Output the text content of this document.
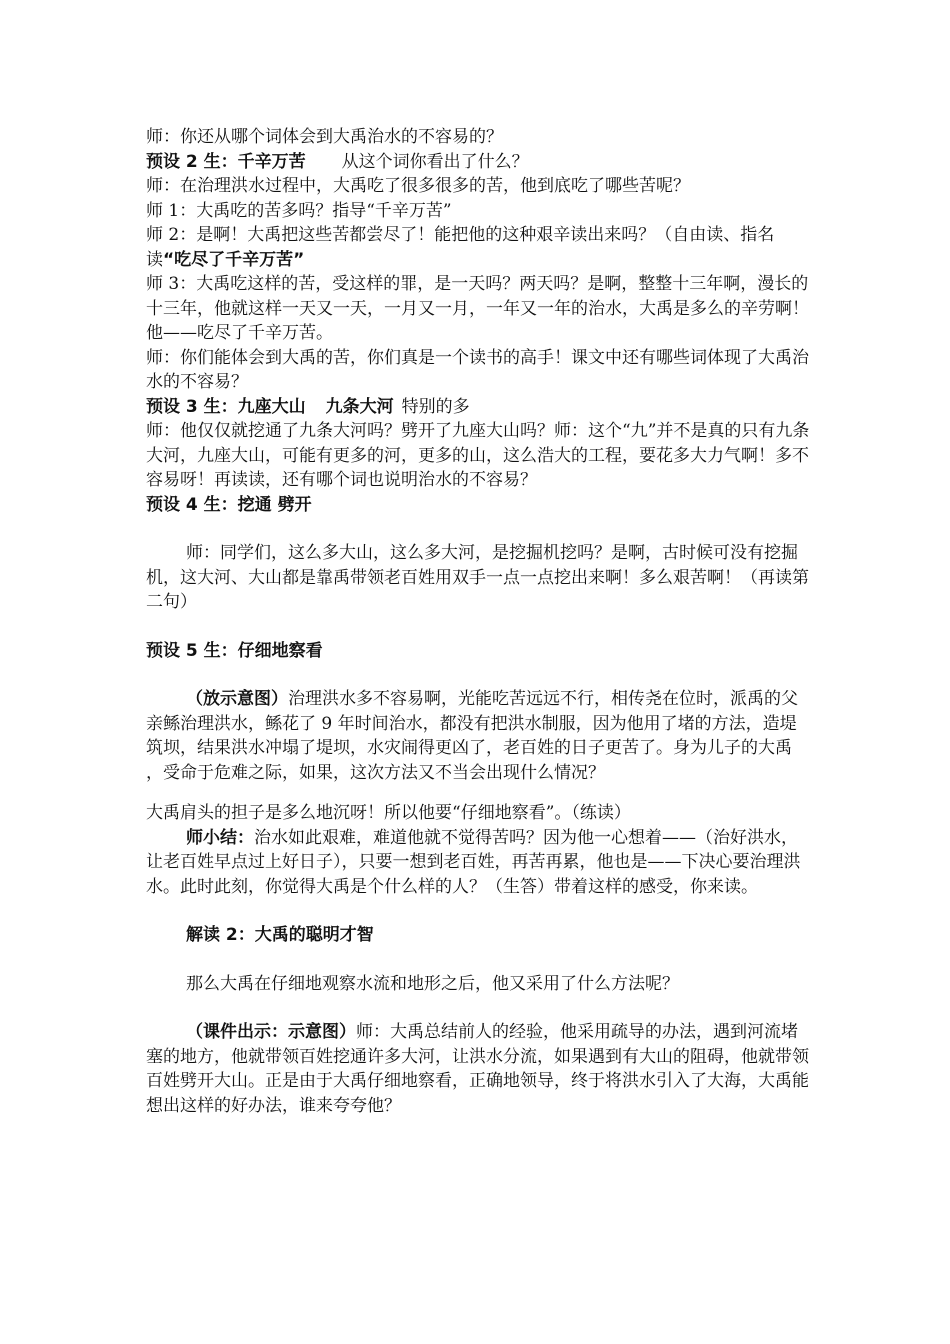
师：你还从哪个词体会到大禹治水的不容易的？

预设 2 生：千辛万苦 从这个词你看出了什么？

师：在治理洪水过程中，大禹吃了很多很多的苦，他到底吃了哪些苦呢？

师 1：大禹吃的苦多吗？指导“千辛万苦”

师 2：是啊！大禹把这些苦都尝尽了！能把他的这种艰辛读出来吗？（自由读、指名读“吃尽了千辛万苦”

师 3：大禹吃这样的苦，受这样的罪，是一天吗？两天吗？是啊，整整十三年啊，漫长的十三年，他就这样一天又一天，一月又一月，一年又一年的治水，大禹是多么的辛劳啊！他——吃尽了千辛万苦。

师：你们能体会到大禹的苦，你们真是一个读书的高手！课文中还有哪些词体现了大禹治水的不容易？

预设 3 生：九座大山 九条大河 特别的多

师：他仅仅就挖通了九条大河吗？劈开了九座大山吗？师：这个“九”并不是真的只有九条大河，九座大山，可能有更多的河，更多的山，这么浩大的工程，要花多大力气啊！多不容易呀！再读读，还有哪个词也说明治水的不容易？

预设 4 生：挖通 劈开

师：同学们，这么多大山，这么多大河，是挖掘机挖吗？是啊，古时候可没有挖掘机，这大河、大山都是靠禹带领老百姓用双手一点一点挖出来啊！多么艰苦啊！（再读第二句）

预设 5 生：仔细地察看

（放示意图）治理洪水多不容易啊，光能吃苦远远不行，相传尧在位时，派禹的父亲鲧治理洪水，鲧花了 9 年时间治水，都没有把洪水制服，因为他用了堵的方法，造堤筑坝，结果洪水冲塌了堤坝，水灾闹得更凶了，老百姓的日子更苦了。身为儿子的大禹 ，受命于危难之际，如果，这次方法又不当会出现什么情况？

大禹肩头的担子是多么地沉呀！所以他要“仔细地察看”。（练读）

师小结：治水如此艰难，难道他就不觉得苦吗？因为他一心想着——（治好洪水，让老百姓早点过上好日子），只要一想到老百姓，再苦再累，他也是——下决心要治理洪水。此时此刻，你觉得大禹是个什么样的人？（生答）带着这样的感受，你来读。

解读 2：大禹的聪明才智

那么大禹在仔细地观察水流和地形之后，他又采用了什么方法呢？

（课件出示：示意图）师：大禹总结前人的经验，他采用疏导的办法，遇到河流堵塞的地方，他就带领百姓挖通许多大河，让洪水分流，如果遇到有大山的阻碍，他就带领百姓劈开大山。正是由于大禹仔细地察看，正确地领导，终于将洪水引入了大海，大禹能想出这样的好办法，谁来夸夸他？
